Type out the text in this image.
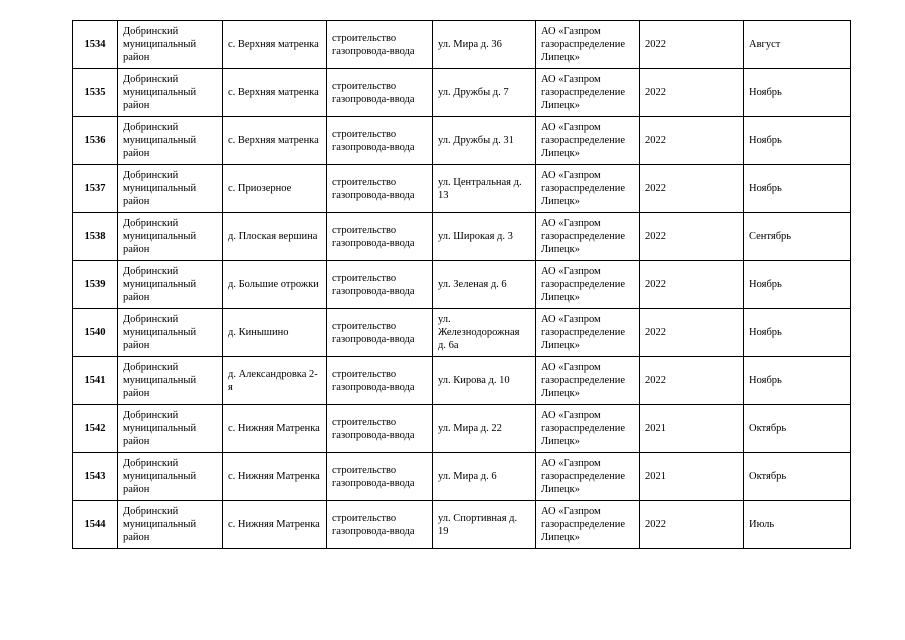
1534	Добринский муниципальный район	с. Верхняя матренка	строительство газопровода-ввода	ул. Мира д. 36	АО «Газпром газораспределение Липецк»	2022	Август
1535	Добринский муниципальный район	с. Верхняя матренка	строительство газопровода-ввода	ул. Дружбы д. 7	АО «Газпром газораспределение Липецк»	2022	Ноябрь
1536	Добринский муниципальный район	с. Верхняя матренка	строительство газопровода-ввода	ул. Дружбы д. 31	АО «Газпром газораспределение Липецк»	2022	Ноябрь
1537	Добринский муниципальный район	с. Приозерное	строительство газопровода-ввода	ул. Центральная д. 13	АО «Газпром газораспределение Липецк»	2022	Ноябрь
1538	Добринский муниципальный район	д. Плоская вершина	строительство газопровода-ввода	ул. Широкая д. 3	АО «Газпром газораспределение Липецк»	2022	Сентябрь
1539	Добринский муниципальный район	д. Большие отрожки	строительство газопровода-ввода	ул. Зеленая д. 6	АО «Газпром газораспределение Липецк»	2022	Ноябрь
1540	Добринский муниципальный район	д. Кинышино	строительство газопровода-ввода	ул. Железнодорожная д. 6а	АО «Газпром газораспределение Липецк»	2022	Ноябрь
1541	Добринский муниципальный район	д. Александровка 2-я	строительство газопровода-ввода	ул. Кирова д. 10	АО «Газпром газораспределение Липецк»	2022	Ноябрь
1542	Добринский муниципальный район	с. Нижняя Матренка	строительство газопровода-ввода	ул. Мира д. 22	АО «Газпром газораспределение Липецк»	2021	Октябрь
1543	Добринский муниципальный район	с. Нижняя Матренка	строительство газопровода-ввода	ул. Мира д. 6	АО «Газпром газораспределение Липецк»	2021	Октябрь
1544	Добринский муниципальный район	с. Нижняя Матренка	строительство газопровода-ввода	ул. Спортивная д. 19	АО «Газпром газораспределение Липецк»	2022	Июль
